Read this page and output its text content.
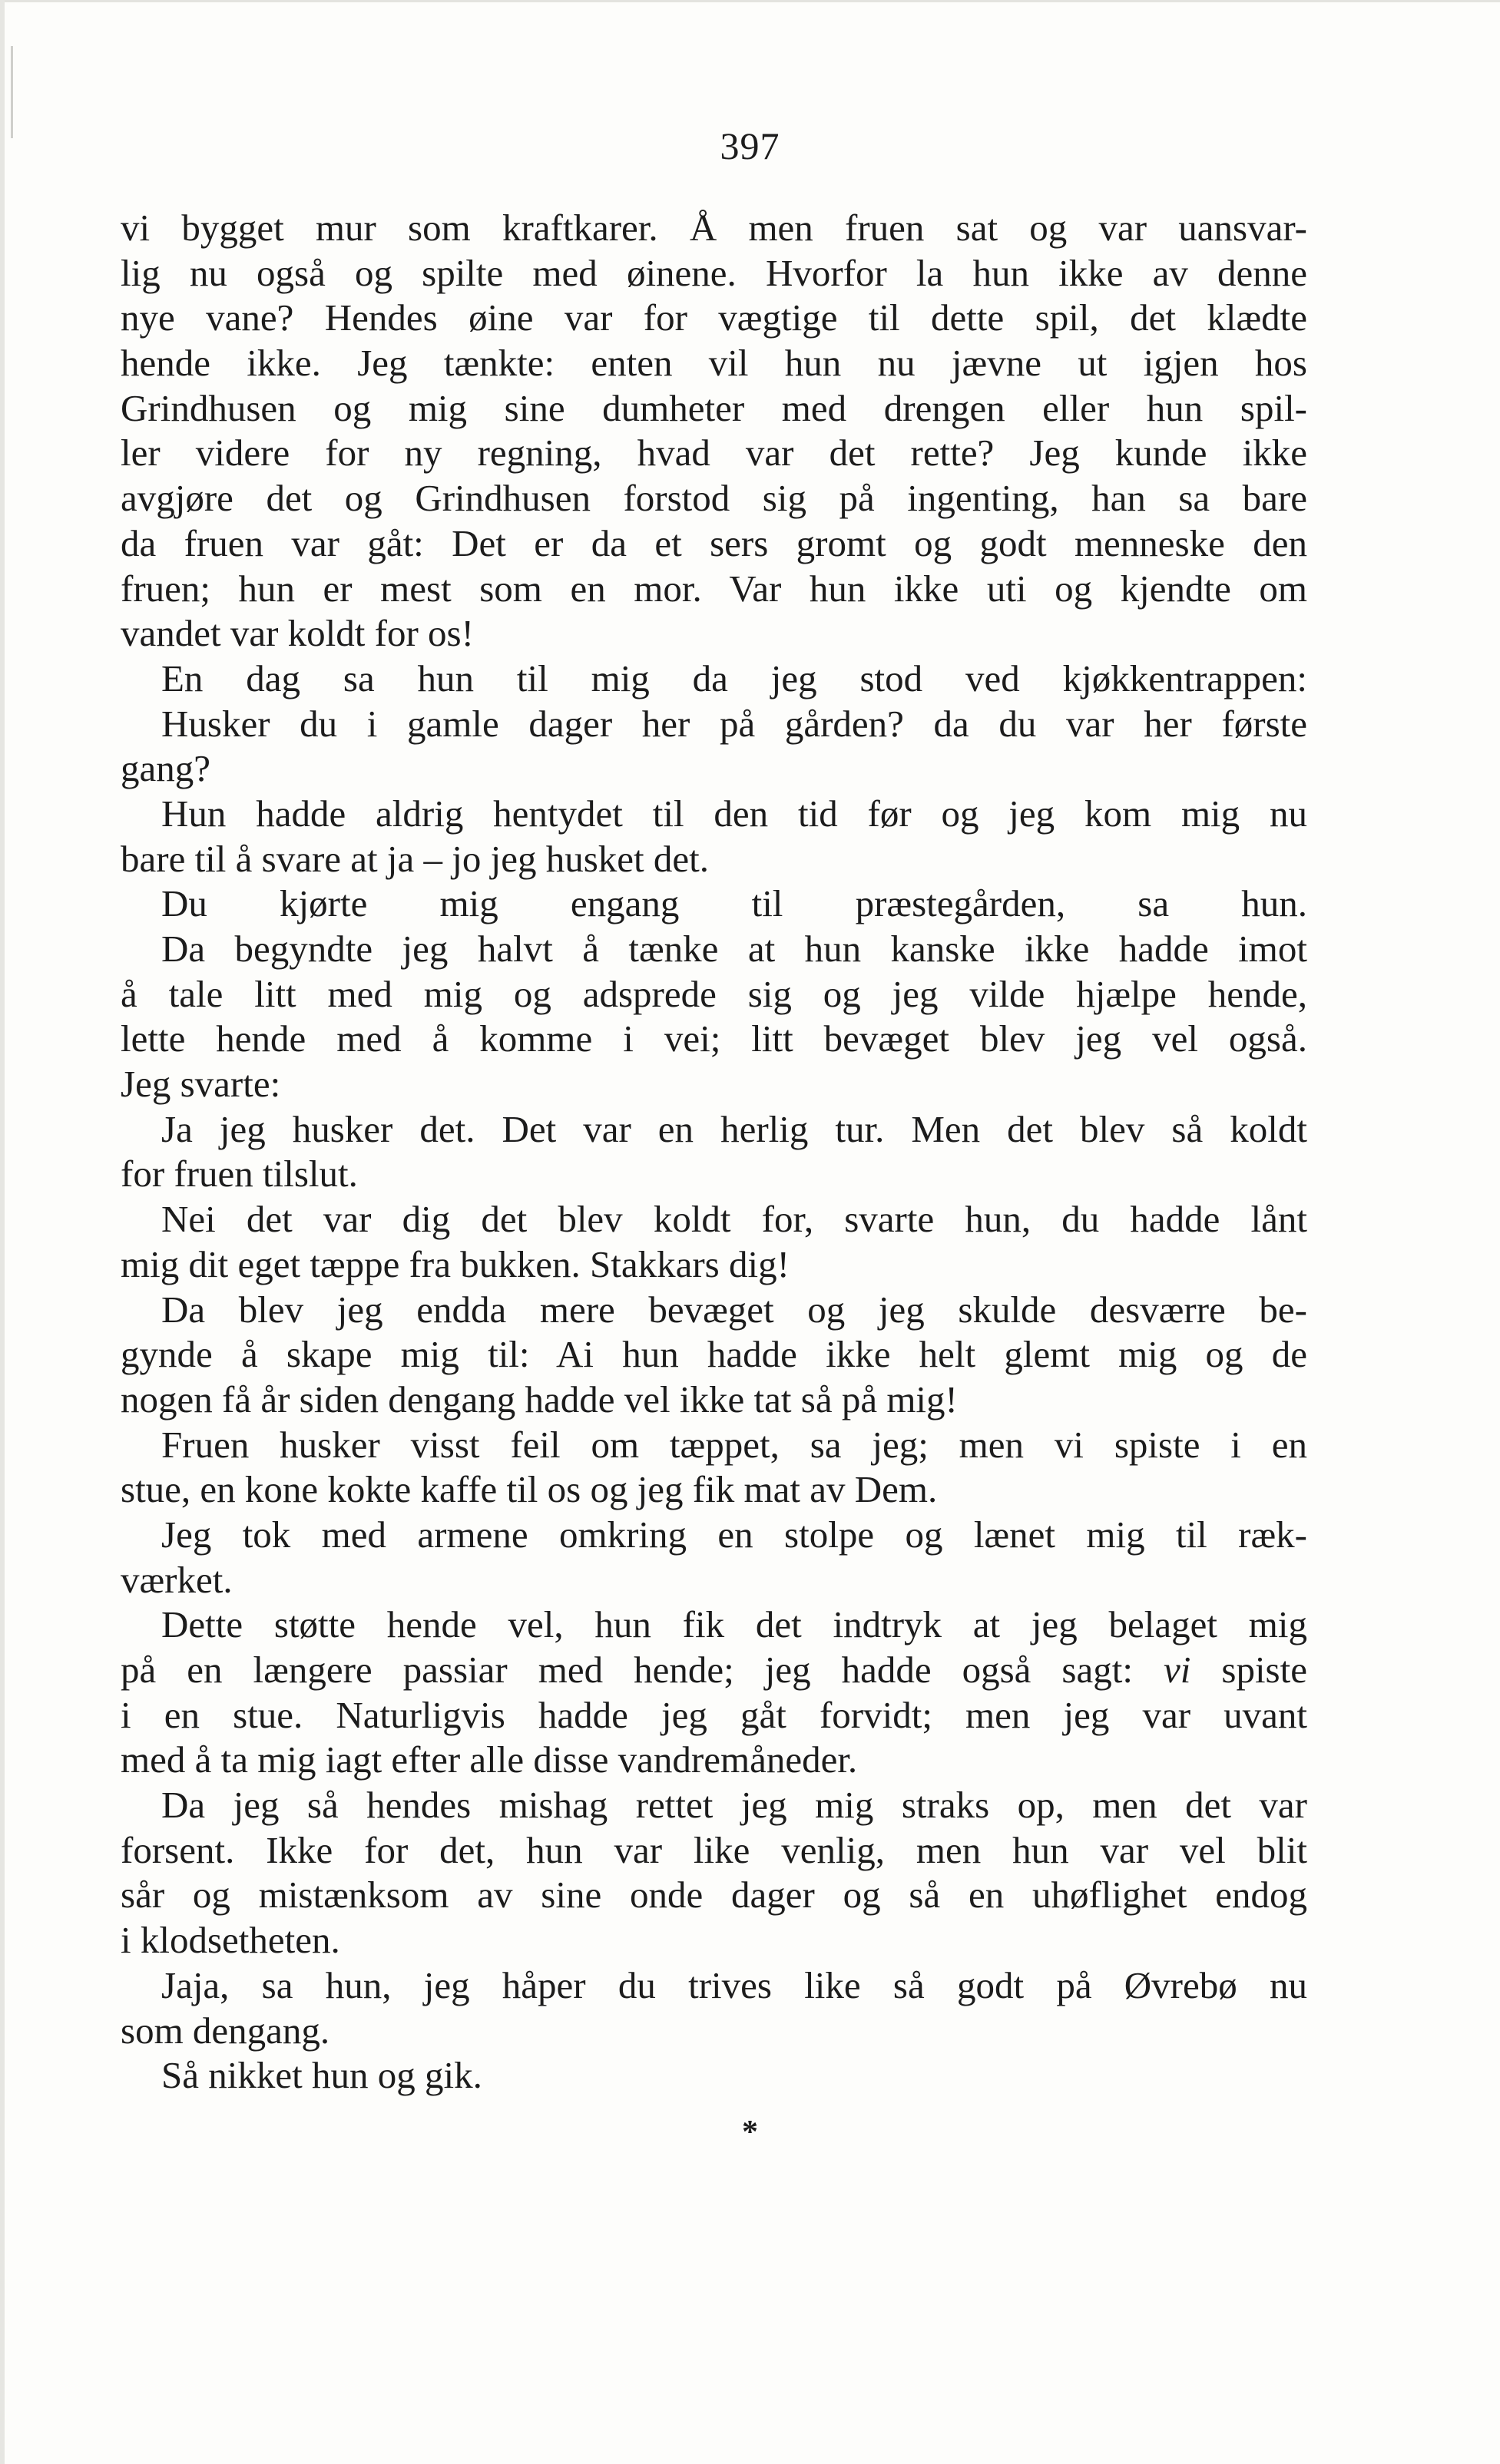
397
vi bygget mur som kraftkarer. Å men fruen sat og var uansvar-
lig nu også og spilte med øinene. Hvorfor la hun ikke av denne
nye vane? Hendes øine var for vægtige til dette spil, det klædte
hende ikke. Jeg tænkte: enten vil hun nu jævne ut igjen hos
Grindhusen og mig sine dumheter med drengen eller hun spil-
ler videre for ny regning, hvad var det rette? Jeg kunde ikke
avgjøre det og Grindhusen forstod sig på ingenting, han sa bare
da fruen var gåt: Det er da et sers gromt og godt menneske den
fruen; hun er mest som en mor. Var hun ikke uti og kjendte om
vandet var koldt for os!
En dag sa hun til mig da jeg stod ved kjøkkentrappen:
Husker du i gamle dager her på gården? da du var her første
gang?
Hun hadde aldrig hentydet til den tid før og jeg kom mig nu
bare til å svare at ja – jo jeg husket det.
Du kjørte mig engang til præstegården, sa hun.
Da begyndte jeg halvt å tænke at hun kanske ikke hadde imot
å tale litt med mig og adsprede sig og jeg vilde hjælpe hende,
lette hende med å komme i vei; litt bevæget blev jeg vel også.
Jeg svarte:
Ja jeg husker det. Det var en herlig tur. Men det blev så koldt
for fruen tilslut.
Nei det var dig det blev koldt for, svarte hun, du hadde lånt
mig dit eget tæppe fra bukken. Stakkars dig!
Da blev jeg endda mere bevæget og jeg skulde desværre be-
gynde å skape mig til: Ai hun hadde ikke helt glemt mig og de
nogen få år siden dengang hadde vel ikke tat så på mig!
Fruen husker visst feil om tæppet, sa jeg; men vi spiste i en
stue, en kone kokte kaffe til os og jeg fik mat av Dem.
Jeg tok med armene omkring en stolpe og lænet mig til ræk-
værket.
Dette støtte hende vel, hun fik det indtryk at jeg belaget mig
på en længere passiar med hende; jeg hadde også sagt: vi spiste
i en stue. Naturligvis hadde jeg gåt forvidt; men jeg var uvant
med å ta mig iagt efter alle disse vandremåneder.
Da jeg så hendes mishag rettet jeg mig straks op, men det var
forsent. Ikke for det, hun var like venlig, men hun var vel blit
sår og mistænksom av sine onde dager og så en uhøflighet endog
i klodsetheten.
Jaja, sa hun, jeg håper du trives like så godt på Øvrebø nu
som dengang.
Så nikket hun og gik.
*
